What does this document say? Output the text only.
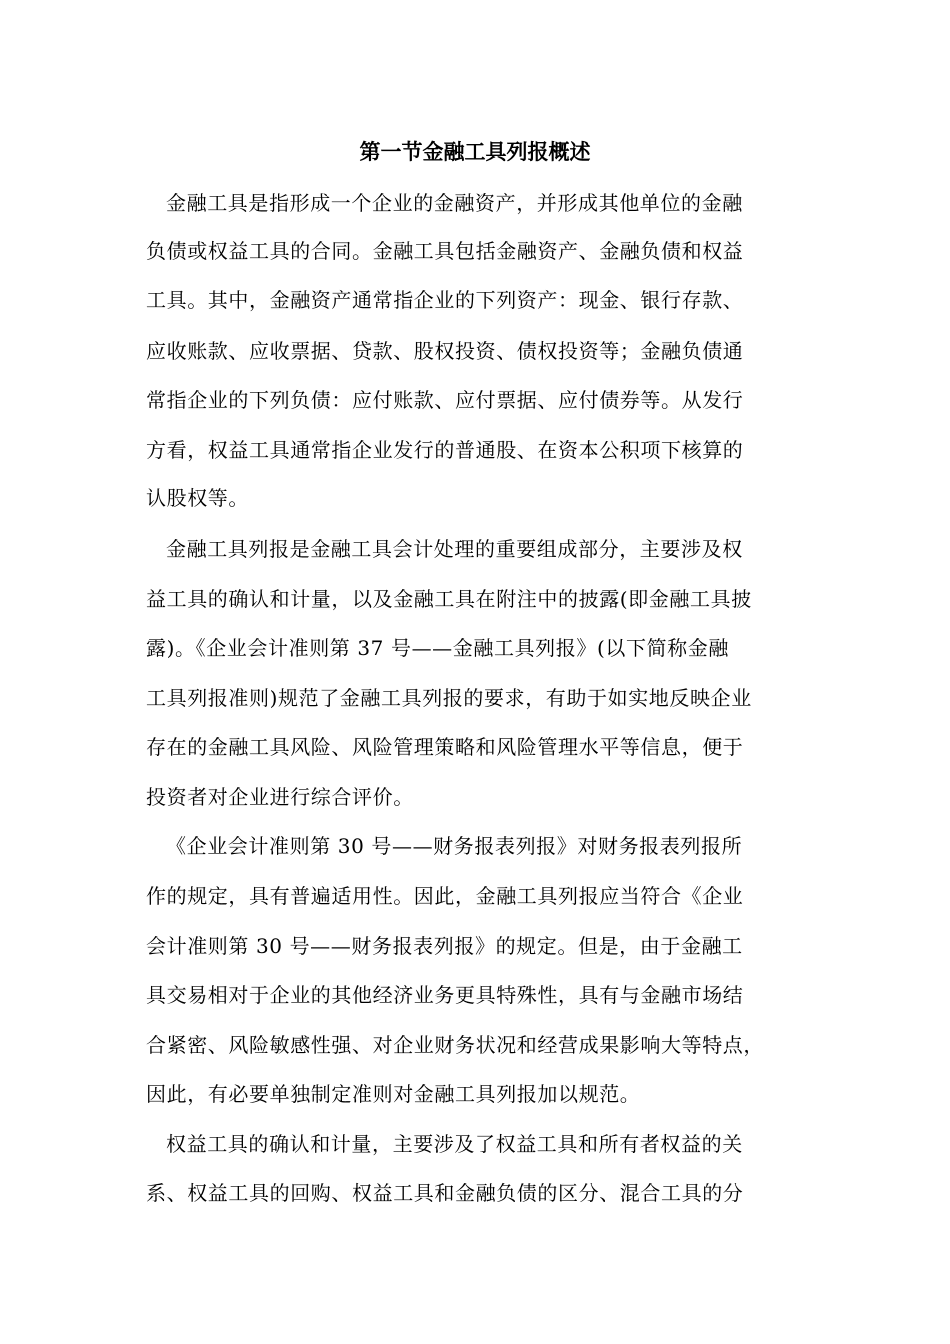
第一节金融工具列报概述
金融工具是指形成一个企业的金融资产，并形成其他单位的金融
负债或权益工具的合同。金融工具包括金融资产、金融负债和权益
工具。其中，金融资产通常指企业的下列资产：现金、银行存款、
应收账款、应收票据、贷款、股权投资、债权投资等；金融负债通
常指企业的下列负债：应付账款、应付票据、应付债券等。从发行
方看，权益工具通常指企业发行的普通股、在资本公积项下核算的
认股权等。
金融工具列报是金融工具会计处理的重要组成部分，主要涉及权
益工具的确认和计量，以及金融工具在附注中的披露(即金融工具披
露)。《企业会计准则第 37 号——金融工具列报》(以下简称金融
工具列报准则)规范了金融工具列报的要求，有助于如实地反映企业
存在的金融工具风险、风险管理策略和风险管理水平等信息，便于
投资者对企业进行综合评价。
《企业会计准则第 30 号——财务报表列报》对财务报表列报所
作的规定，具有普遍适用性。因此，金融工具列报应当符合《企业
会计准则第 30 号——财务报表列报》的规定。但是，由于金融工
具交易相对于企业的其他经济业务更具特殊性，具有与金融市场结
合紧密、风险敏感性强、对企业财务状况和经营成果影响大等特点，
因此，有必要单独制定准则对金融工具列报加以规范。
权益工具的确认和计量，主要涉及了权益工具和所有者权益的关
系、权益工具的回购、权益工具和金融负债的区分、混合工具的分
